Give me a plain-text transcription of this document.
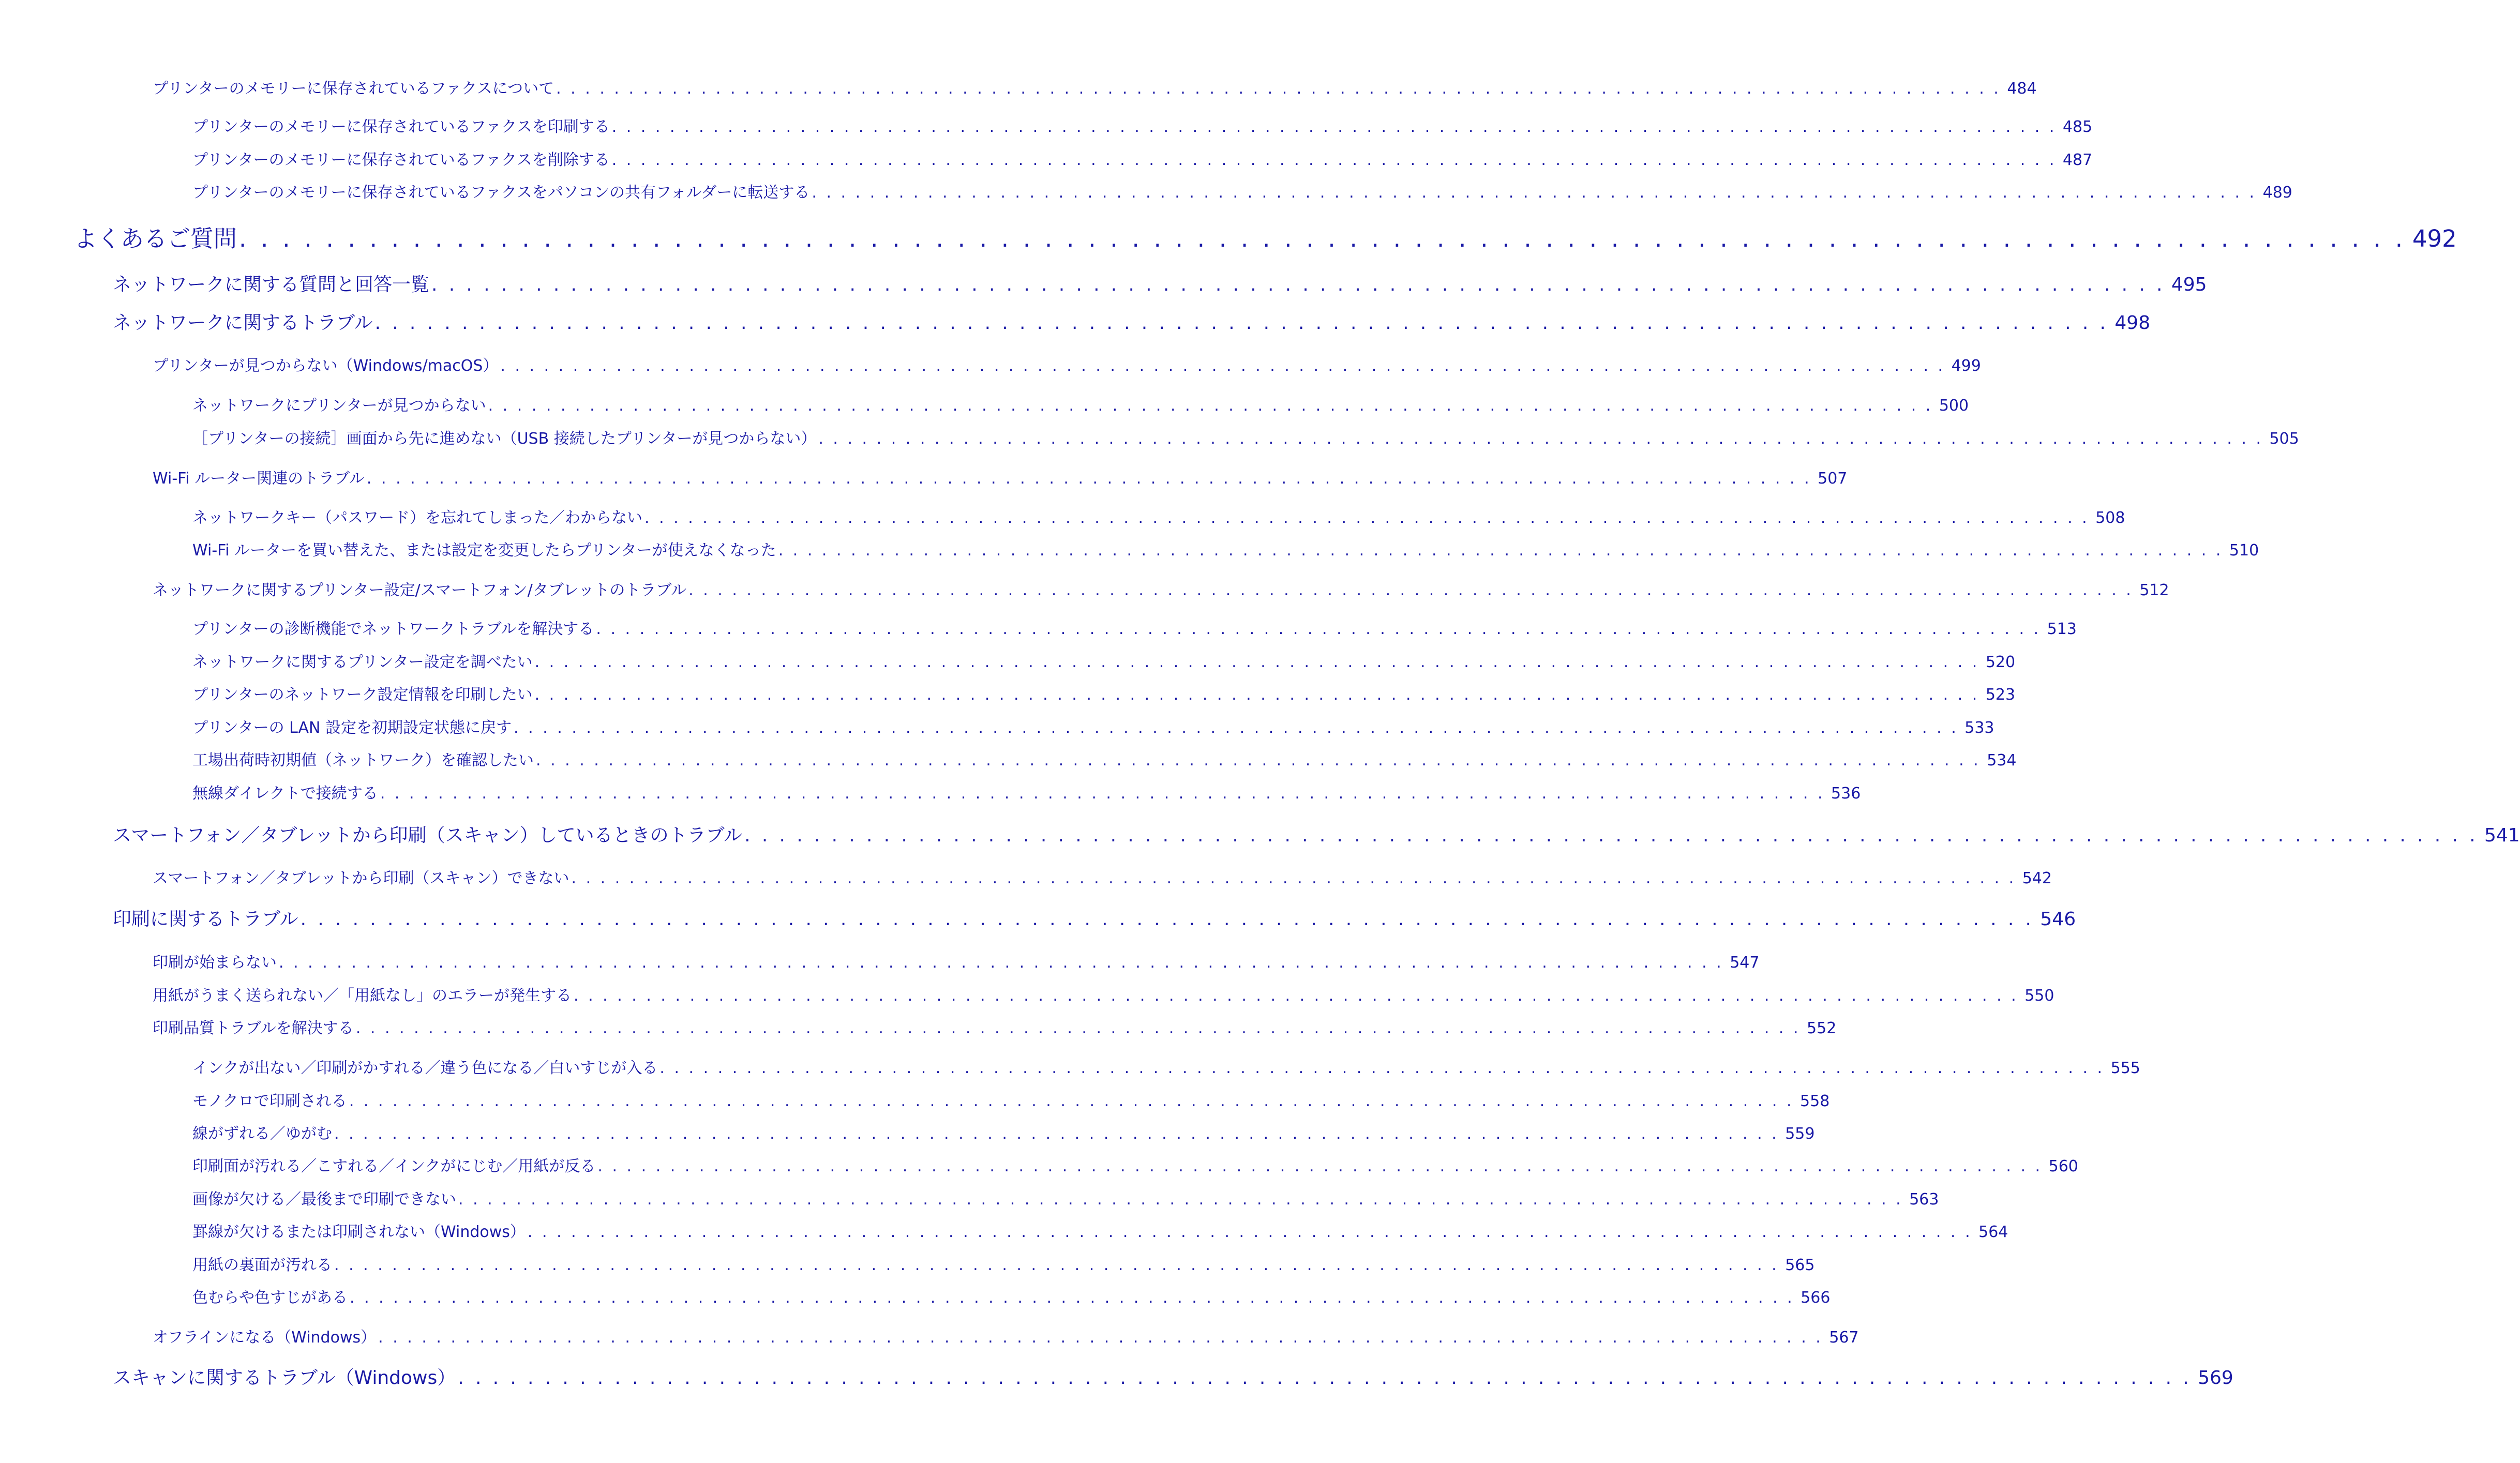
プリンターのメモリーに保存されているファクスについて . . . . . . . . . . . . . . . . . . . . . . . . . . . . . . . . . . . . . . . . . . . . . . . . . . . . . . . . . . . . . . . . . . . . . . . . . . . . . . . . . . . . . . . . . . . . . . . . . . . . 484
プリンターのメモリーに保存されているファクスを印刷する . . . . . . . . . . . . . . . . . . . . . . . . . . . . . . . . . . . . . . . . . . . . . . . . . . . . . . . . . . . . . . . . . . . . . . . . . . . . . . . . . . . . . . . . . . . . . . . . . . . . 485
プリンターのメモリーに保存されているファクスを削除する . . . . . . . . . . . . . . . . . . . . . . . . . . . . . . . . . . . . . . . . . . . . . . . . . . . . . . . . . . . . . . . . . . . . . . . . . . . . . . . . . . . . . . . . . . . . . . . . . . . . 487
プリンターのメモリーに保存されているファクスをパソコンの共有フォルダーに転送する . . . . . . . . . . . . . . . . . . . . . . . . . . . . . . . . . . . . . . . . . . . . . . . . . . . . . . . . . . . . . . . . . . . . . . . . . . . . . . . . . . . . . . . . . . . . . . . . . . . . 489
よくあるご質問 . . . . . . . . . . . . . . . . . . . . . . . . . . . . . . . . . . . . . . . . . . . . . . . . . . . . . . . . . . . . . . . . . . . . . . . . . . . . . . . . . . . . . . . . . . . . . . . . . . . . 492
ネットワークに関する質問と回答一覧 . . . . . . . . . . . . . . . . . . . . . . . . . . . . . . . . . . . . . . . . . . . . . . . . . . . . . . . . . . . . . . . . . . . . . . . . . . . . . . . . . . . . . . . . . . . . . . . . . . . . 495
ネットワークに関するトラブル . . . . . . . . . . . . . . . . . . . . . . . . . . . . . . . . . . . . . . . . . . . . . . . . . . . . . . . . . . . . . . . . . . . . . . . . . . . . . . . . . . . . . . . . . . . . . . . . . . . . 498
プリンターが見つからない（Windows/macOS） . . . . . . . . . . . . . . . . . . . . . . . . . . . . . . . . . . . . . . . . . . . . . . . . . . . . . . . . . . . . . . . . . . . . . . . . . . . . . . . . . . . . . . . . . . . . . . . . . . . . 499
ネットワークにプリンターが見つからない . . . . . . . . . . . . . . . . . . . . . . . . . . . . . . . . . . . . . . . . . . . . . . . . . . . . . . . . . . . . . . . . . . . . . . . . . . . . . . . . . . . . . . . . . . . . . . . . . . . . 500
［プリンターの接続］画面から先に進めない（USB 接続したプリンターが見つからない） . . . . . . . . . . . . . . . . . . . . . . . . . . . . . . . . . . . . . . . . . . . . . . . . . . . . . . . . . . . . . . . . . . . . . . . . . . . . . . . . . . . . . . . . . . . . . . . . . . . . 505
Wi-Fi ルーター関連のトラブル . . . . . . . . . . . . . . . . . . . . . . . . . . . . . . . . . . . . . . . . . . . . . . . . . . . . . . . . . . . . . . . . . . . . . . . . . . . . . . . . . . . . . . . . . . . . . . . . . . . . 507
ネットワークキー（パスワード）を忘れてしまった／わからない . . . . . . . . . . . . . . . . . . . . . . . . . . . . . . . . . . . . . . . . . . . . . . . . . . . . . . . . . . . . . . . . . . . . . . . . . . . . . . . . . . . . . . . . . . . . . . . . . . . . 508
Wi-Fi ルーターを買い替えた、または設定を変更したらプリンターが使えなくなった . . . . . . . . . . . . . . . . . . . . . . . . . . . . . . . . . . . . . . . . . . . . . . . . . . . . . . . . . . . . . . . . . . . . . . . . . . . . . . . . . . . . . . . . . . . . . . . . . . . . 510
ネットワークに関するプリンター設定/スマートフォン/タブレットのトラブル . . . . . . . . . . . . . . . . . . . . . . . . . . . . . . . . . . . . . . . . . . . . . . . . . . . . . . . . . . . . . . . . . . . . . . . . . . . . . . . . . . . . . . . . . . . . . . . . . . . . 512
プリンターの診断機能でネットワークトラブルを解決する . . . . . . . . . . . . . . . . . . . . . . . . . . . . . . . . . . . . . . . . . . . . . . . . . . . . . . . . . . . . . . . . . . . . . . . . . . . . . . . . . . . . . . . . . . . . . . . . . . . . 513
ネットワークに関するプリンター設定を調べたい . . . . . . . . . . . . . . . . . . . . . . . . . . . . . . . . . . . . . . . . . . . . . . . . . . . . . . . . . . . . . . . . . . . . . . . . . . . . . . . . . . . . . . . . . . . . . . . . . . . . 520
プリンターのネットワーク設定情報を印刷したい . . . . . . . . . . . . . . . . . . . . . . . . . . . . . . . . . . . . . . . . . . . . . . . . . . . . . . . . . . . . . . . . . . . . . . . . . . . . . . . . . . . . . . . . . . . . . . . . . . . . 523
プリンターの LAN 設定を初期設定状態に戻す . . . . . . . . . . . . . . . . . . . . . . . . . . . . . . . . . . . . . . . . . . . . . . . . . . . . . . . . . . . . . . . . . . . . . . . . . . . . . . . . . . . . . . . . . . . . . . . . . . . . 533
工場出荷時初期値（ネットワーク）を確認したい . . . . . . . . . . . . . . . . . . . . . . . . . . . . . . . . . . . . . . . . . . . . . . . . . . . . . . . . . . . . . . . . . . . . . . . . . . . . . . . . . . . . . . . . . . . . . . . . . . . . 534
無線ダイレクトで接続する . . . . . . . . . . . . . . . . . . . . . . . . . . . . . . . . . . . . . . . . . . . . . . . . . . . . . . . . . . . . . . . . . . . . . . . . . . . . . . . . . . . . . . . . . . . . . . . . . . . . 536
スマートフォン／タブレットから印刷（スキャン）しているときのトラブル . . . . . . . . . . . . . . . . . . . . . . . . . . . . . . . . . . . . . . . . . . . . . . . . . . . . . . . . . . . . . . . . . . . . . . . . . . . . . . . . . . . . . . . . . . . . . . . . . . . . 541
スマートフォン／タブレットから印刷（スキャン）できない . . . . . . . . . . . . . . . . . . . . . . . . . . . . . . . . . . . . . . . . . . . . . . . . . . . . . . . . . . . . . . . . . . . . . . . . . . . . . . . . . . . . . . . . . . . . . . . . . . . . 542
印刷に関するトラブル . . . . . . . . . . . . . . . . . . . . . . . . . . . . . . . . . . . . . . . . . . . . . . . . . . . . . . . . . . . . . . . . . . . . . . . . . . . . . . . . . . . . . . . . . . . . . . . . . . . . 546
印刷が始まらない . . . . . . . . . . . . . . . . . . . . . . . . . . . . . . . . . . . . . . . . . . . . . . . . . . . . . . . . . . . . . . . . . . . . . . . . . . . . . . . . . . . . . . . . . . . . . . . . . . . . 547
用紙がうまく送られない／「用紙なし」のエラーが発生する . . . . . . . . . . . . . . . . . . . . . . . . . . . . . . . . . . . . . . . . . . . . . . . . . . . . . . . . . . . . . . . . . . . . . . . . . . . . . . . . . . . . . . . . . . . . . . . . . . . . 550
印刷品質トラブルを解決する . . . . . . . . . . . . . . . . . . . . . . . . . . . . . . . . . . . . . . . . . . . . . . . . . . . . . . . . . . . . . . . . . . . . . . . . . . . . . . . . . . . . . . . . . . . . . . . . . . . . 552
インクが出ない／印刷がかすれる／違う色になる／白いすじが入る . . . . . . . . . . . . . . . . . . . . . . . . . . . . . . . . . . . . . . . . . . . . . . . . . . . . . . . . . . . . . . . . . . . . . . . . . . . . . . . . . . . . . . . . . . . . . . . . . . . . 555
モノクロで印刷される . . . . . . . . . . . . . . . . . . . . . . . . . . . . . . . . . . . . . . . . . . . . . . . . . . . . . . . . . . . . . . . . . . . . . . . . . . . . . . . . . . . . . . . . . . . . . . . . . . . . 558
線がずれる／ゆがむ . . . . . . . . . . . . . . . . . . . . . . . . . . . . . . . . . . . . . . . . . . . . . . . . . . . . . . . . . . . . . . . . . . . . . . . . . . . . . . . . . . . . . . . . . . . . . . . . . . . . 559
印刷面が汚れる／こすれる／インクがにじむ／用紙が反る . . . . . . . . . . . . . . . . . . . . . . . . . . . . . . . . . . . . . . . . . . . . . . . . . . . . . . . . . . . . . . . . . . . . . . . . . . . . . . . . . . . . . . . . . . . . . . . . . . . . 560
画像が欠ける／最後まで印刷できない . . . . . . . . . . . . . . . . . . . . . . . . . . . . . . . . . . . . . . . . . . . . . . . . . . . . . . . . . . . . . . . . . . . . . . . . . . . . . . . . . . . . . . . . . . . . . . . . . . . . 563
罫線が欠けるまたは印刷されない（Windows） . . . . . . . . . . . . . . . . . . . . . . . . . . . . . . . . . . . . . . . . . . . . . . . . . . . . . . . . . . . . . . . . . . . . . . . . . . . . . . . . . . . . . . . . . . . . . . . . . . . . 564
用紙の裏面が汚れる . . . . . . . . . . . . . . . . . . . . . . . . . . . . . . . . . . . . . . . . . . . . . . . . . . . . . . . . . . . . . . . . . . . . . . . . . . . . . . . . . . . . . . . . . . . . . . . . . . . . 565
色むらや色すじがある . . . . . . . . . . . . . . . . . . . . . . . . . . . . . . . . . . . . . . . . . . . . . . . . . . . . . . . . . . . . . . . . . . . . . . . . . . . . . . . . . . . . . . . . . . . . . . . . . . . . 566
オフラインになる（Windows） . . . . . . . . . . . . . . . . . . . . . . . . . . . . . . . . . . . . . . . . . . . . . . . . . . . . . . . . . . . . . . . . . . . . . . . . . . . . . . . . . . . . . . . . . . . . . . . . . . . . 567
スキャンに関するトラブル（Windows） . . . . . . . . . . . . . . . . . . . . . . . . . . . . . . . . . . . . . . . . . . . . . . . . . . . . . . . . . . . . . . . . . . . . . . . . . . . . . . . . . . . . . . . . . . . . . . . . . . . . 569
